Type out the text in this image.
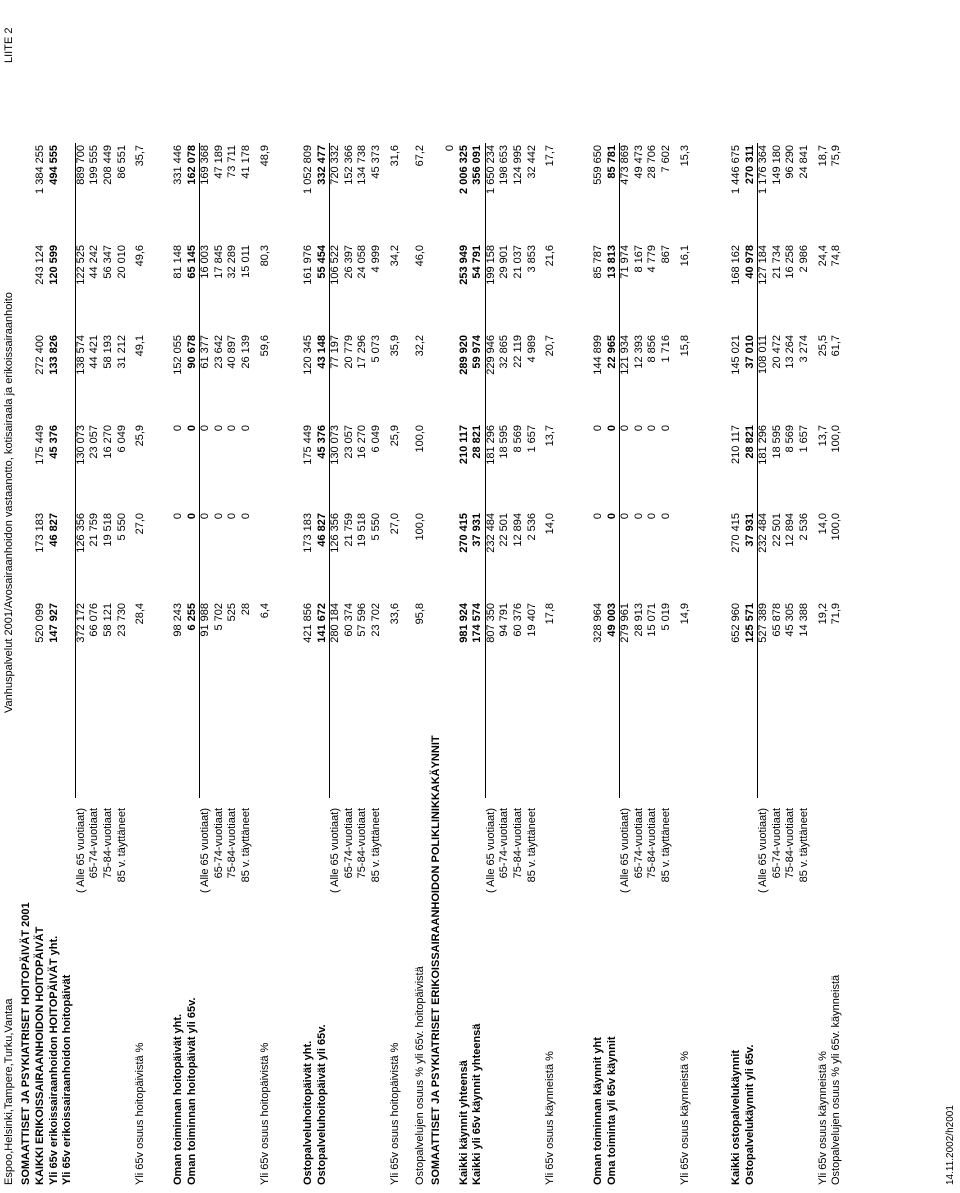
Espoo,Helsinki,Tampere,Turku,Vantaa
Vanhuspalvelut 2001/Avosairaanhoidon vastaanotto, kotisairaala ja erikoissairaanhoito
LIITE 2
14.11.2002/h2001
SOMAATTISET JA PSYKIATRISET HOITOPÄIVÄT 2001	SOMAATTISET JA PSYKIATRISET ERIKOISSAIRAANHOIDON POLIKLINIKKAKÄYNNIT
KAIKKI ERIKOISSAIRAANHOIDON HOITOPÄIVÄT
520 099
173 183
175 449
272 400
243 124
1 384 255
Yli 65v erikoissairaanhoidon HOITOPÄIVÄT yht.
147 927
46 827
45 376
133 826
120 599
494 555
Yli 65v erikoissairaanhoidon hoitopäivät
( Alle 65 vuotiaat)
372 172
126 356
130 073
138 574
122 525
889 700
65-74-vuotiaat
66 076
21 759
23 057
44 421
44 242
199 555
75-84-vuotiaat
58 121
19 518
16 270
58 193
56 347
208 449
85 v. täyttäneet
23 730
5 550
6 049
31 212
20 010
86 551
Yli 65v osuus hoitopäivistä %
28,4
27,0
25,9
49,1
49,6
35,7
Oman toiminnan hoitopäivät yht.
98 243
0
0
152 055
81 148
331 446
Oman toiminnan hoitopäivät yli 65v.
6 255
0
0
90 678
65 145
162 078
( Alle 65 vuotiaat)
91 988
0
0
61 377
16 003
169 368
65-74-vuotiaat
5 702
0
0
23 642
17 845
47 189
75-84-vuotiaat
525
0
0
40 897
32 289
73 711
85 v. täyttäneet
28
0
0
26 139
15 011
41 178
Yli 65v osuus hoitopäivistä %
6,4
59,6
80,3
48,9
Ostopalveluhoitopäivät yht.
421 856
173 183
175 449
120 345
161 976
1 052 809
Ostopalveluhoitopäivät yli 65v.
141 672
46 827
45 376
43 148
55 454
332 477
( Alle 65 vuotiaat)
280 184
126 356
130 073
77 197
106 522
720 332
65-74-vuotiaat
60 374
21 759
23 057
20 779
26 397
152 366
75-84-vuotiaat
57 596
19 518
16 270
17 296
24 058
134 738
85 v. täyttäneet
23 702
5 550
6 049
5 073
4 999
45 373
Yli 65v osuus hoitopäivistä %
33,6
27,0
25,9
35,9
34,2
31,6
Ostopalvelujen osuus % yli 65v. hoitopäivistä
95,8
100,0
100,0
32,2
46,0
67,2 0
Kaikki käynnit yhteensä
981 924
270 415
210 117
289 920
253 949
2 006 325
Kaikki yli 65v käynnit yhteensä
174 574
37 931
28 821
59 974
54 791
356 091
( Alle 65 vuotiaat)
807 350
232 484
181 296
229 946
199 158
1 650 234
65-74-vuotiaat
94 791
22 501
18 595
32 865
29 901
198 653
75-84-vuotiaat
60 376
12 894
8 569
22 119
21 037
124 995
85 v. täyttäneet
19 407
2 536
1 657
4 989
3 853
32 442
Yli 65v osuus käynneistä %
17,8
14,0
13,7
20,7
21,6
17,7
Oman toiminnan käynnit yht
328 964
0
0
144 899
85 787
559 650
Oma toiminta yli 65v käynnit
49 003
0
0
22 965
13 813
85 781
( Alle 65 vuotiaat)
279 961
0
0
121 934
71 974
473 869
65-74-vuotiaat
28 913
0
0
12 393
8 167
49 473
75-84-vuotiaat
15 071
0
0
8 856
4 779
28 706
85 v. täyttäneet
5 019
0
0
1 716
867
7 602
Yli 65v osuus käynneistä %
14,9
15,8
16,1
15,3
Kaikki ostopalvelukäynnit
652 960
270 415
210 117
145 021
168 162
1 446 675
Ostopalvelukäynnit yli 65v.
125 571
37 931
28 821
37 010
40 978
270 311
( Alle 65 vuotiaat)
527 389
232 484
181 296
108 011
127 184
1 176 364
65-74-vuotiaat
65 878
22 501
18 595
20 472
21 734
149 180
75-84-vuotiaat
45 305
12 894
8 569
13 264
16 258
96 290
85 v. täyttäneet
14 388
2 536
1 657
3 274
2 986
24 841
Yli 65v osuus käynneistä %
19,2
14,0
13,7
25,5
24,4
18,7
Ostopalvelujen osuus % yli 65v. käynneistä
71,9
100,0
100,0
61,7
74,8
75,9
